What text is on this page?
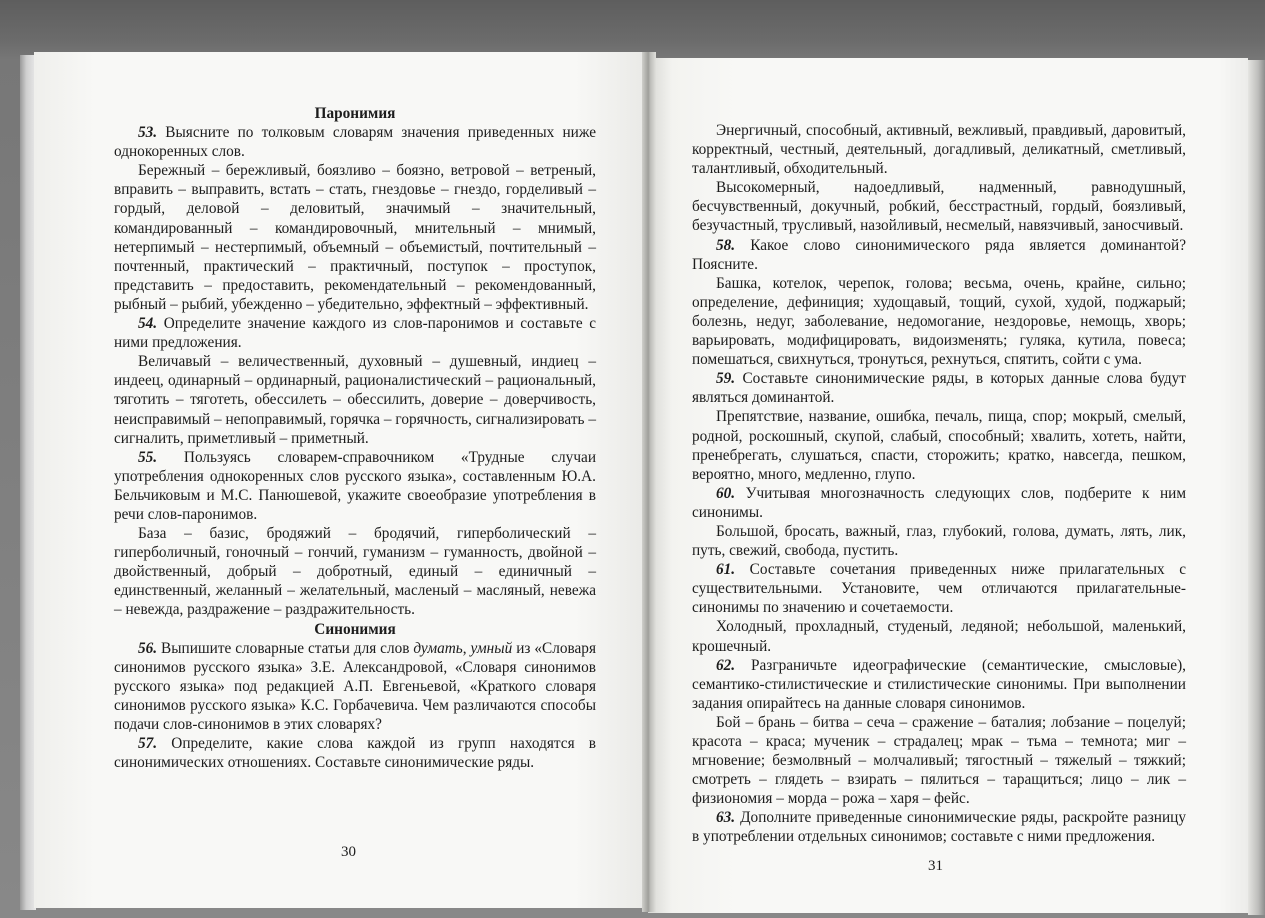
Паронимия

53. Выясните по толковым словарям значения приведенных ниже однокоренных слов.

Бережный – бережливый, боязливо – боязно, ветровой – ветреный, вправить – выправить, встать – стать, гнездовье – гнездо, горделивый – гордый, деловой – деловитый, значимый – значительный, командированный – командировочный, мнительный – мнимый, нетерпимый – нестерпимый, объемный – объемистый, почтительный – почтенный, практический – практичный, поступок – проступок, представить – предоставить, рекомендательный – рекомендованный, рыбный – рыбий, убежденно – убедительно, эффектный – эффективный.

54. Определите значение каждого из слов-паронимов и составьте с ними предложения.

Величавый – величественный, духовный – душевный, индиец – индеец, одинарный – ординарный, рационалистический – рациональный, тяготить – тяготеть, обессилеть – обессилить, доверие – доверчивость, неисправимый – непоправимый, горячка – горячность, сигнализировать – сигналить, приметливый – приметный.

55. Пользуясь словарем-справочником «Трудные случаи употребления однокоренных слов русского языка», составленным Ю.А. Бельчиковым и М.С. Панюшевой, укажите своеобразие употребления в речи слов-паронимов.

База – базис, бродяжий – бродячий, гиперболический – гиперболичный, гоночный – гончий, гуманизм – гуманность, двойной – двойственный, добрый – добротный, единый – единичный – единственный, желанный – желательный, масленый – масляный, невежа – невежда, раздражение – раздражительность.

Синонимия

56. Выпишите словарные статьи для слов думать, умный из «Словаря синонимов русского языка» З.Е. Александровой, «Словаря синонимов русского языка» под редакцией А.П. Евгеньевой, «Краткого словаря синонимов русского языка» К.С. Горбачевича. Чем различаются способы подачи слов-синонимов в этих словарях?

57. Определите, какие слова каждой из групп находятся в синонимических отношениях. Составьте синонимические ряды.

30

Энергичный, способный, активный, вежливый, правдивый, даровитый, корректный, честный, деятельный, догадливый, деликатный, сметливый, талантливый, обходительный.

Высокомерный, надоедливый, надменный, равнодушный, бесчувственный, докучный, робкий, бесстрастный, гордый, боязливый, безучастный, трусливый, назойливый, несмелый, навязчивый, заносчивый.

58. Какое слово синонимического ряда является доминантой? Поясните.

Башка, котелок, черепок, голова; весьма, очень, крайне, сильно; определение, дефиниция; худощавый, тощий, сухой, худой, поджарый; болезнь, недуг, заболевание, недомогание, нездоровье, немощь, хворь; варьировать, модифицировать, видоизменять; гуляка, кутила, повеса; помешаться, свихнуться, тронуться, рехнуться, спятить, сойти с ума.

59. Составьте синонимические ряды, в которых данные слова будут являться доминантой.

Препятствие, название, ошибка, печаль, пища, спор; мокрый, смелый, родной, роскошный, скупой, слабый, способный; хвалить, хотеть, найти, пренебрегать, слушаться, спасти, сторожить; кратко, навсегда, пешком, вероятно, много, медленно, глупо.

60. Учитывая многозначность следующих слов, подберите к ним синонимы.

Большой, бросать, важный, глаз, глубокий, голова, думать, лять, лик, путь, свежий, свобода, пустить.

61. Составьте сочетания приведенных ниже прилагательных с существительными. Установите, чем отличаются прилагательные-синонимы по значению и сочетаемости.

Холодный, прохладный, студеный, ледяной; небольшой, маленький, крошечный.

62. Разграничьте идеографические (семантические, смысловые), семантико-стилистические и стилистические синонимы. При выполнении задания опирайтесь на данные словаря синонимов.

Бой – брань – битва – сеча – сражение – баталия; лобзание – поцелуй; красота – краса; мученик – страдалец; мрак – тьма – темнота; миг – мгновение; безмолвный – молчаливый; тягостный – тяжелый – тяжкий; смотреть – глядеть – взирать – пялиться – таращиться; лицо – лик – физиономия – морда – рожа – харя – фейс.

63. Дополните приведенные синонимические ряды, раскройте разницу в употреблении отдельных синонимов; составьте с ними предложения.

31
